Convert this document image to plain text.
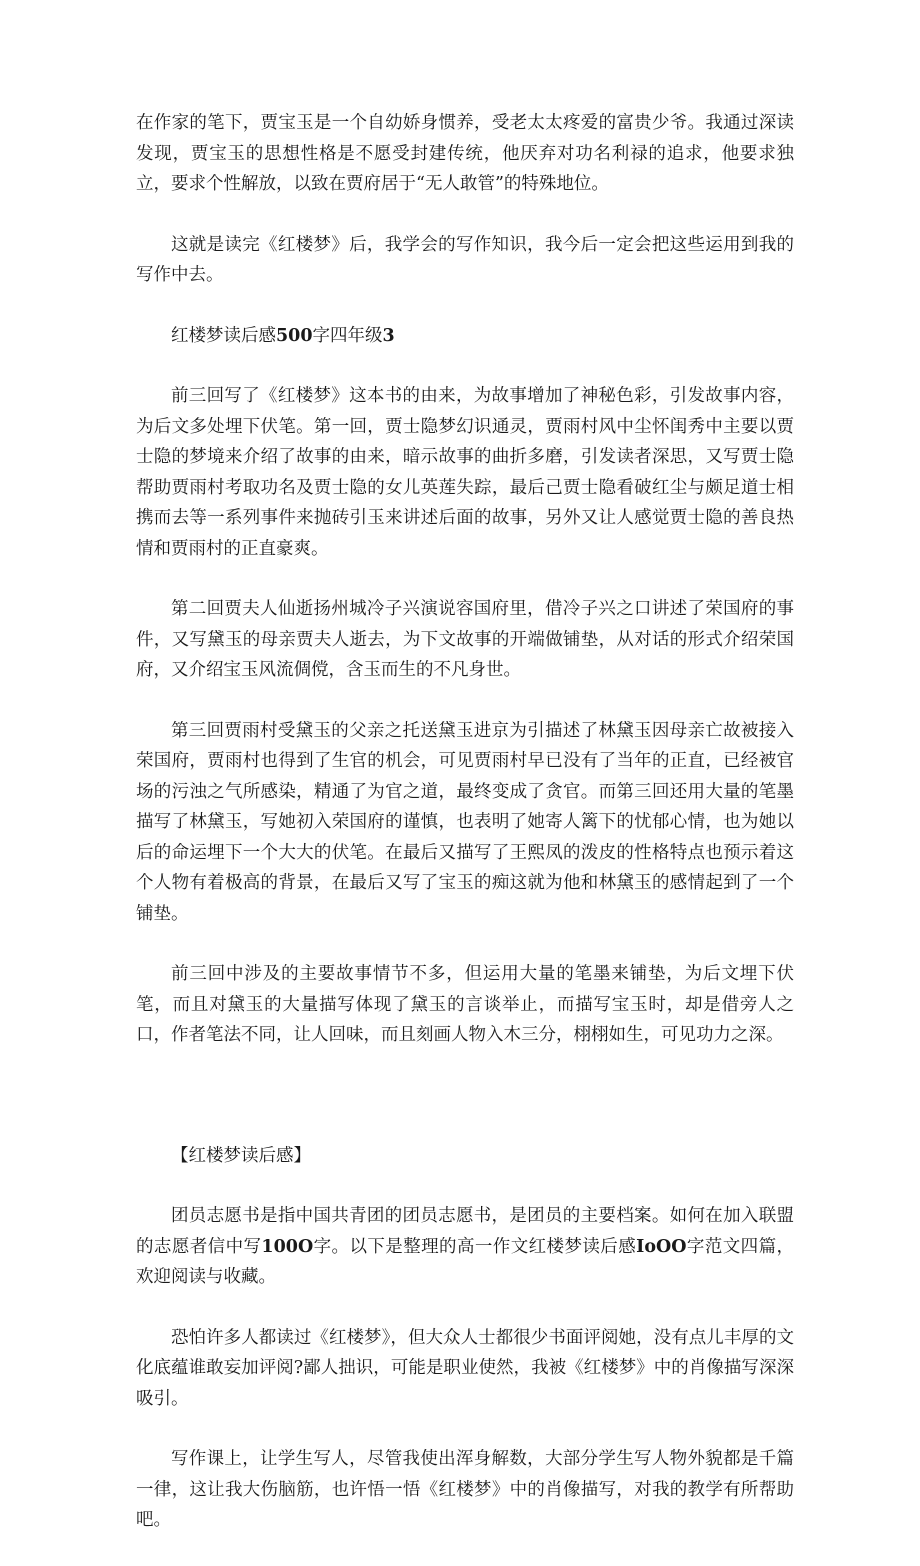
在作家的笔下，贾宝玉是一个自幼娇身惯养，受老太太疼爱的富贵少爷。我通过深读发现，贾宝玉的思想性格是不愿受封建传统，他厌弃对功名利禄的追求，他要求独立，要求个性解放，以致在贾府居于“无人敢管”的特殊地位。

这就是读完《红楼梦》后，我学会的写作知识，我今后一定会把这些运用到我的写作中去。

红楼梦读后感500字四年级3

前三回写了《红楼梦》这本书的由来，为故事增加了神秘色彩，引发故事内容，为后文多处埋下伏笔。第一回，贾士隐梦幻识通灵，贾雨村风中尘怀闺秀中主要以贾士隐的梦境来介绍了故事的由来，暗示故事的曲折多磨，引发读者深思，又写贾士隐帮助贾雨村考取功名及贾士隐的女儿英莲失踪，最后己贾士隐看破红尘与颇足道士相携而去等一系列事件来抛砖引玉来讲述后面的故事，另外又让人感觉贾士隐的善良热情和贾雨村的正直豪爽。

第二回贾夫人仙逝扬州城冷子兴演说容国府里，借冷子兴之口讲述了荣国府的事件，又写黛玉的母亲贾夫人逝去，为下文故事的开端做铺垫，从对话的形式介绍荣国府，又介绍宝玉风流倜傥，含玉而生的不凡身世。

第三回贾雨村受黛玉的父亲之托送黛玉进京为引描述了林黛玉因母亲亡故被接入荣国府，贾雨村也得到了生官的机会，可见贾雨村早已没有了当年的正直，已经被官场的污浊之气所感染，精通了为官之道，最终变成了贪官。而第三回还用大量的笔墨描写了林黛玉，写她初入荣国府的谨慎，也表明了她寄人篱下的忧郁心情，也为她以后的命运埋下一个大大的伏笔。在最后又描写了王熙凤的泼皮的性格特点也预示着这个人物有着极高的背景，在最后又写了宝玉的痴这就为他和林黛玉的感情起到了一个铺垫。

前三回中涉及的主要故事情节不多，但运用大量的笔墨来铺垫，为后文埋下伏笔，而且对黛玉的大量描写体现了黛玉的言谈举止，而描写宝玉时，却是借旁人之口，作者笔法不同，让人回味，而且刻画人物入木三分，栩栩如生，可见功力之深。

【红楼梦读后感】

团员志愿书是指中国共青团的团员志愿书，是团员的主要档案。如何在加入联盟的志愿者信中写100O字。以下是整理的高一作文红楼梦读后感IoOO字范文四篇，欢迎阅读与收藏。

恐怕许多人都读过《红楼梦》，但大众人士都很少书面评阅她，没有点儿丰厚的文化底蕴谁敢妄加评阅?鄙人拙识，可能是职业使然，我被《红楼梦》中的肖像描写深深吸引。

写作课上，让学生写人，尽管我使出浑身解数，大部分学生写人物外貌都是千篇一律，这让我大伤脑筋，也许悟一悟《红楼梦》中的肖像描写，对我的教学有所帮助吧。
